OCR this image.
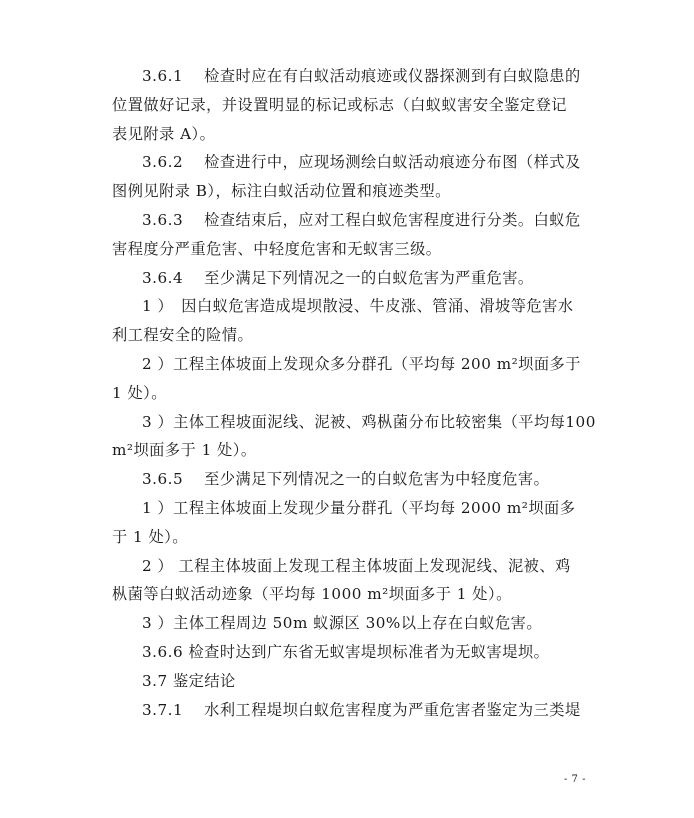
3.6.1　 检查时应在有白蚁活动痕迹或仪器探测到有白蚁隐患的
位置做好记录，并设置明显的标记或标志（白蚁蚁害安全鉴定登记
表见附录 A）。
3.6.2　 检查进行中，应现场测绘白蚁活动痕迹分布图（样式及
图例见附录 B），标注白蚁活动位置和痕迹类型。
3.6.3　 检查结束后，应对工程白蚁危害程度进行分类。白蚁危
害程度分严重危害、中轻度危害和无蚁害三级。
3.6.4　 至少满足下列情况之一的白蚁危害为严重危害。
1 ）　因白蚁危害造成堤坝散浸、牛皮涨、管涌、滑坡等危害水
利工程安全的险情。
2 ）工程主体坡面上发现众多分群孔（平均每 200 m²坝面多于
1 处）。
3 ）主体工程坡面泥线、泥被、鸡枞菌分布比较密集（平均每100
m²坝面多于 1 处）。
3.6.5　 至少满足下列情况之一的白蚁危害为中轻度危害。
1 ）工程主体坡面上发现少量分群孔（平均每 2000 m²坝面多
于 1 处）。
2 ） 工程主体坡面上发现工程主体坡面上发现泥线、泥被、鸡
枞菌等白蚁活动迹象（平均每 1000 m²坝面多于 1 处）。
3 ）主体工程周边 50m 蚁源区 30%以上存在白蚁危害。
3.6.6 检查时达到广东省无蚁害堤坝标准者为无蚁害堤坝。
3.7 鉴定结论
3.7.1　 水利工程堤坝白蚁危害程度为严重危害者鉴定为三类堤
- 7 -
